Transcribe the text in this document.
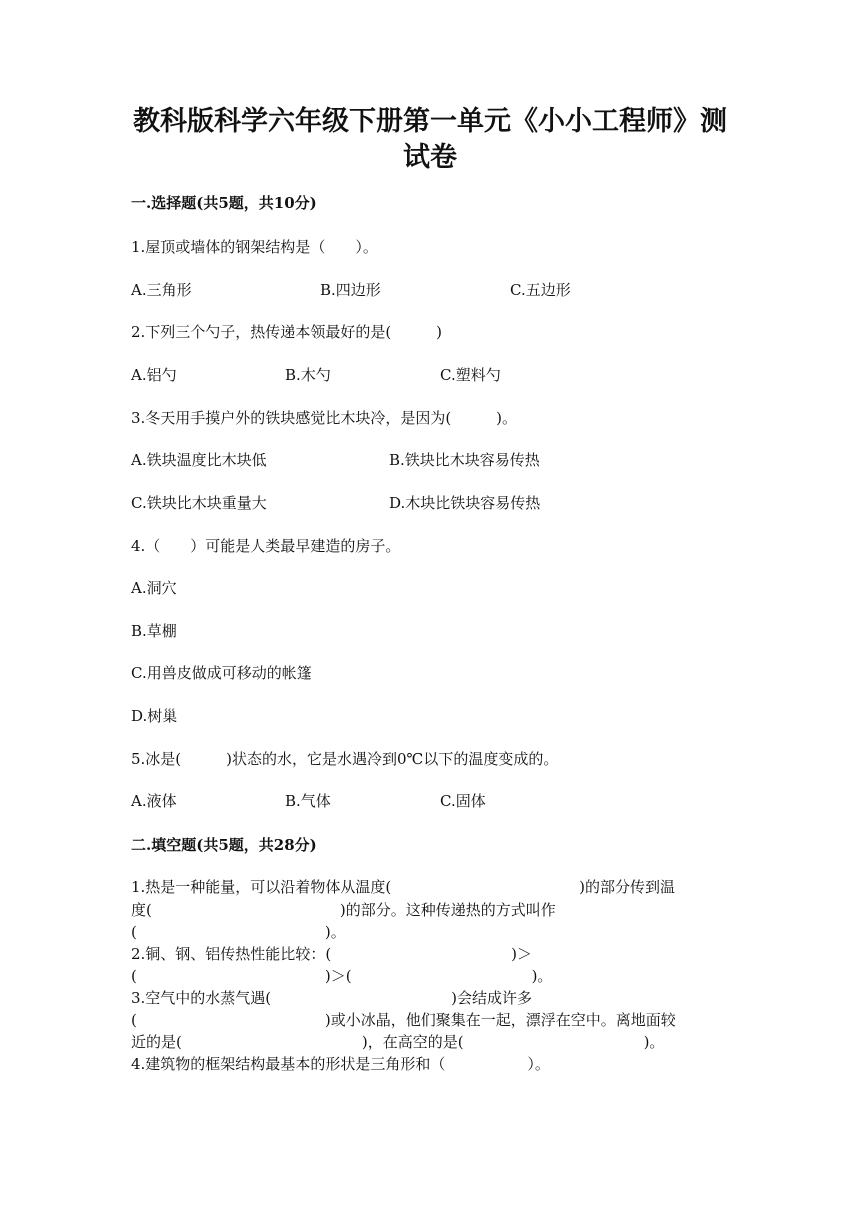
教科版科学六年级下册第一单元《小小工程师》测
试卷
一.选择题(共5题，共10分)
1.屋顶或墙体的钢架结构是（　　）。
A.三角形	B.四边形	C.五边形
2.下列三个勺子，热传递本领最好的是(　　　)
A.铝勺	B.木勺	C.塑料勺
3.冬天用手摸户外的铁块感觉比木块冷，是因为(　　　)。
A.铁块温度比木块低	B.铁块比木块容易传热
C.铁块比木块重量大	D.木块比铁块容易传热
4.（　　）可能是人类最早建造的房子。
A.洞穴
B.草棚
C.用兽皮做成可移动的帐篷
D.树巢
5.冰是(　　　)状态的水，它是水遇冷到0℃以下的温度变成的。
A.液体	B.气体	C.固体
二.填空题(共5题，共28分)
1.热是一种能量，可以沿着物体从温度(	)的部分传到温
度(	)的部分。这种传递热的方式叫作
(	)。
2.铜、钢、铝传热性能比较：(	)＞
(	)＞(	)。
3.空气中的水蒸气遇(	)会结成许多
(	)或小冰晶，他们聚集在一起，漂浮在空中。离地面较
近的是(	)，在高空的是(	)。
4.建筑物的框架结构最基本的形状是三角形和（	）。
